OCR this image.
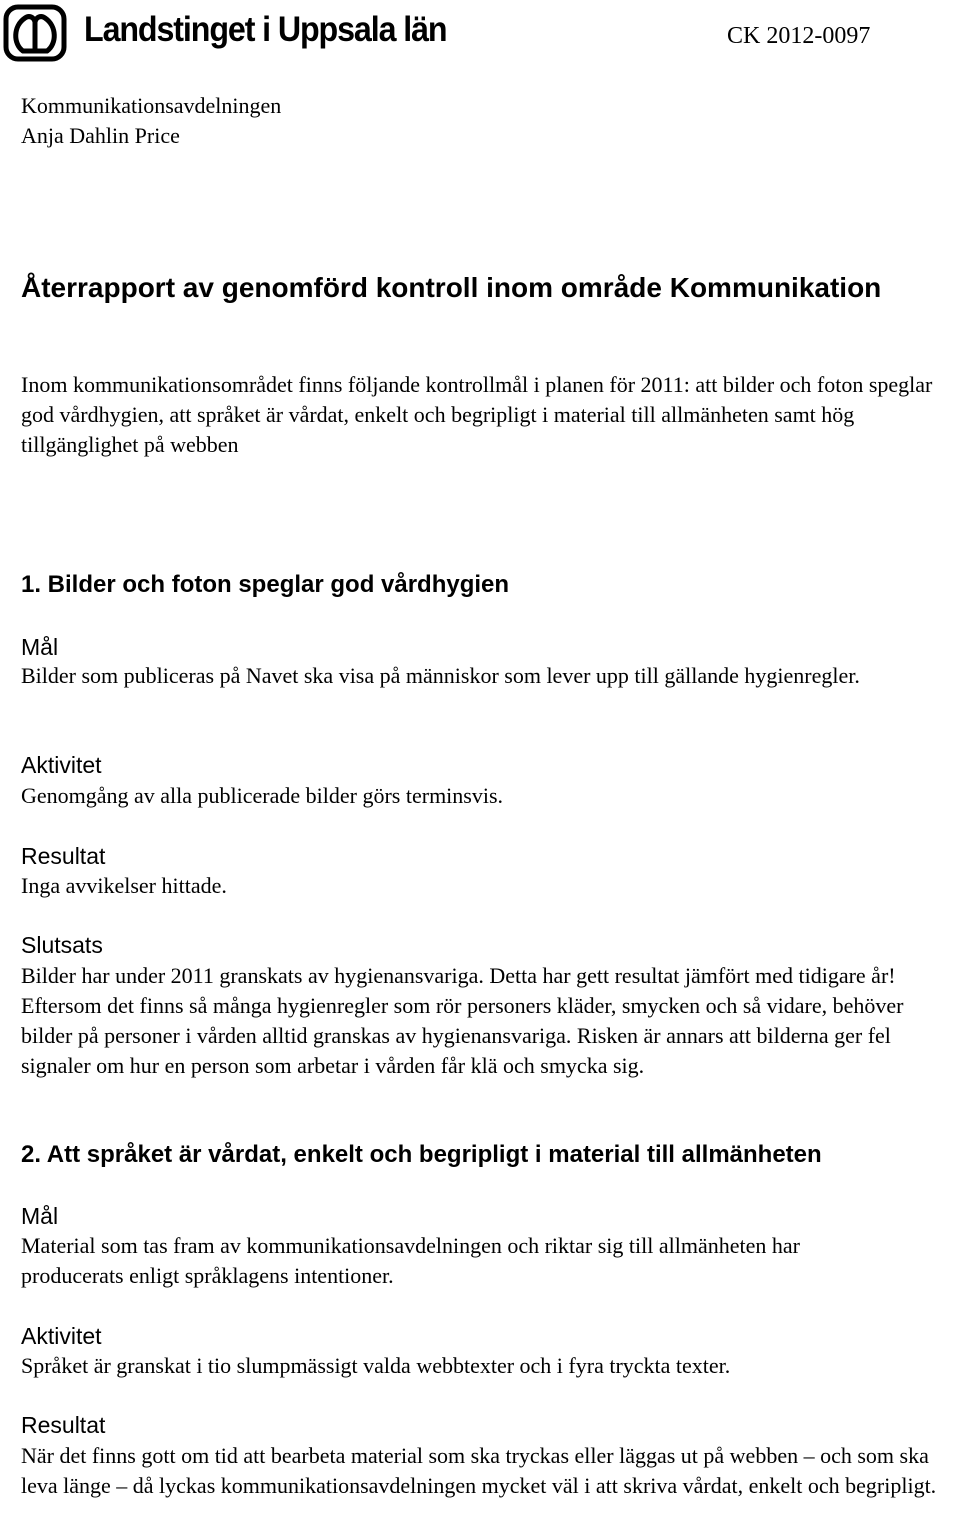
Landstinget i Uppsala län	CK 2012-0097
Kommunikationsavdelningen
Anja Dahlin Price
Återrapport av genomförd kontroll inom område Kommunikation
Inom kommunikationsområdet finns följande kontrollmål i planen för 2011: att bilder och foton speglar god vårdhygien, att språket är vårdat, enkelt och begripligt i material till allmänheten samt hög tillgänglighet på webben
1. Bilder och foton speglar god vårdhygien
Mål
Bilder som publiceras på Navet ska visa på människor som lever upp till gällande hygienregler.
Aktivitet
Genomgång av alla publicerade bilder görs terminsvis.
Resultat
Inga avvikelser hittade.
Slutsats
Bilder har under 2011 granskats av hygienansvariga. Detta har gett resultat jämfört med tidigare år! Eftersom det finns så många hygienregler som rör personers kläder, smycken och så vidare, behöver bilder på personer i vården alltid granskas av hygienansvariga. Risken är annars att bilderna ger fel signaler om hur en person som arbetar i vården får klä och smycka sig.
2. Att språket är vårdat, enkelt och begripligt i material till allmänheten
Mål
Material som tas fram av kommunikationsavdelningen och riktar sig till allmänheten har producerats enligt språklagens intentioner.
Aktivitet
Språket är granskat i tio slumpmässigt valda webbtexter och i fyra tryckta texter.
Resultat
När det finns gott om tid att bearbeta material som ska tryckas eller läggas ut på webben – och som ska leva länge – då lyckas kommunikationsavdelningen mycket väl i att skriva vårdat, enkelt och begripligt.
